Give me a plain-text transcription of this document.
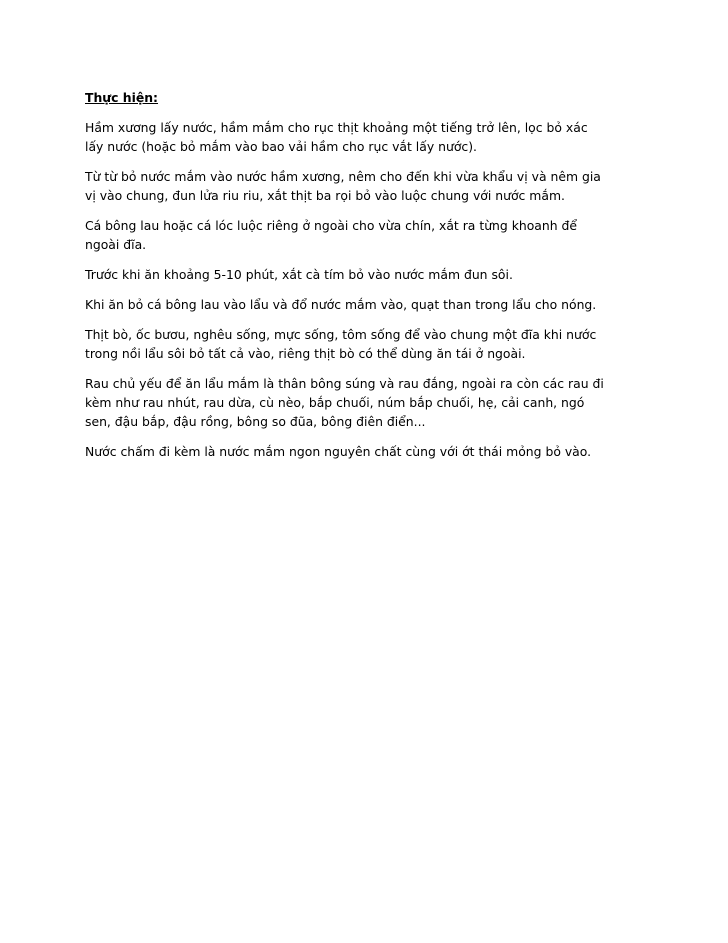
Thực hiện:
Hầm xương lấy nước, hầm mắm cho rục thịt khoảng một tiếng trở lên, lọc bỏ xác
lấy nước (hoặc bỏ mắm vào bao vải hầm cho rục vắt lấy nước).
Từ từ bỏ nước mắm vào nước hầm xương, nêm cho đến khi vừa khẩu vị và nêm gia
vị vào chung, đun lửa riu riu, xắt thịt ba rọi bỏ vào luộc chung với nước mắm.
Cá bông lau hoặc cá lóc luộc riêng ở ngoài cho vừa chín, xắt ra từng khoanh để
ngoài đĩa.
Trước khi ăn khoảng 5-10 phút, xắt cà tím bỏ vào nước mắm đun sôi.
Khi ăn bỏ cá bông lau vào lẩu và đổ nước mắm vào, quạt than trong lẩu cho nóng.
Thịt bò, ốc bươu, nghêu sống, mực sống, tôm sống để vào chung một đĩa khi nước
trong nồi lẩu sôi bỏ tất cả vào, riêng thịt bò có thể dùng ăn tái ở ngoài.
Rau chủ yếu để ăn lẩu mắm là thân bông súng và rau đắng, ngoài ra còn các rau đi
kèm như rau nhút, rau dừa, cù nèo, bắp chuối, núm bắp chuối, hẹ, cải canh, ngó
sen, đậu bắp, đậu rồng, bông so đũa, bông điên điển...
Nước chấm đi kèm là nước mắm ngon nguyên chất cùng với ớt thái mỏng bỏ vào.
